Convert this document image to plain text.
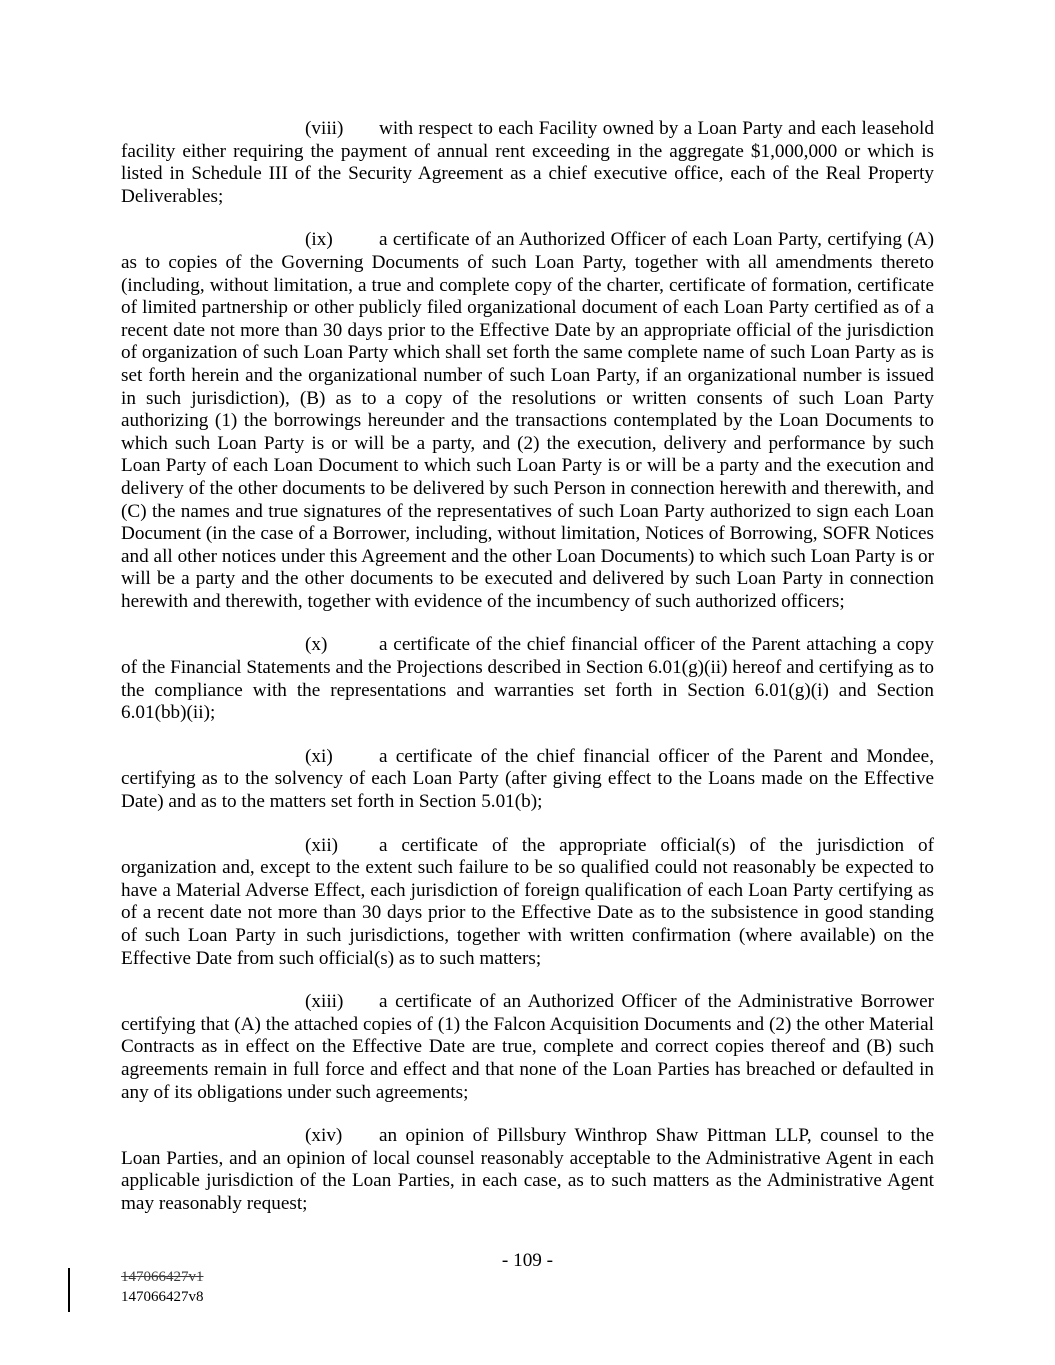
(viii) with respect to each Facility owned by a Loan Party and each leasehold facility either requiring the payment of annual rent exceeding in the aggregate $1,000,000 or which is listed in Schedule III of the Security Agreement as a chief executive office, each of the Real Property Deliverables;

(ix) a certificate of an Authorized Officer of each Loan Party, certifying (A) as to copies of the Governing Documents of such Loan Party, together with all amendments thereto (including, without limitation, a true and complete copy of the charter, certificate of formation, certificate of limited partnership or other publicly filed organizational document of each Loan Party certified as of a recent date not more than 30 days prior to the Effective Date by an appropriate official of the jurisdiction of organization of such Loan Party which shall set forth the same complete name of such Loan Party as is set forth herein and the organizational number of such Loan Party, if an organizational number is issued in such jurisdiction), (B) as to a copy of the resolutions or written consents of such Loan Party authorizing (1) the borrowings hereunder and the transactions contemplated by the Loan Documents to which such Loan Party is or will be a party, and (2) the execution, delivery and performance by such Loan Party of each Loan Document to which such Loan Party is or will be a party and the execution and delivery of the other documents to be delivered by such Person in connection herewith and therewith, and (C) the names and true signatures of the representatives of such Loan Party authorized to sign each Loan Document (in the case of a Borrower, including, without limitation, Notices of Borrowing, SOFR Notices and all other notices under this Agreement and the other Loan Documents) to which such Loan Party is or will be a party and the other documents to be executed and delivered by such Loan Party in connection herewith and therewith, together with evidence of the incumbency of such authorized officers;

(x)	a certificate of the chief financial officer of the Parent attaching a copy of the Financial Statements and the Projections described in Section 6.01(g)(ii) hereof and certifying as to the compliance with the representations and warranties set forth in Section 6.01(g)(i) and Section 6.01(bb)(ii);

(xi) a certificate of the chief financial officer of the Parent and Mondee, certifying as to the solvency of each Loan Party (after giving effect to the Loans made on the Effective Date) and as to the matters set forth in Section 5.01(b);

(xii) a certificate of the appropriate official(s) of the jurisdiction of organization and, except to the extent such failure to be so qualified could not reasonably be expected to have a Material Adverse Effect, each jurisdiction of foreign qualification of each Loan Party certifying as of a recent date not more than 30 days prior to the Effective Date as to the subsistence in good standing of such Loan Party in such jurisdictions, together with written confirmation (where available) on the Effective Date from such official(s) as to such matters;

(xiii) a certificate of an Authorized Officer of the Administrative Borrower certifying that (A) the attached copies of (1) the Falcon Acquisition Documents and (2) the other Material Contracts as in effect on the Effective Date are true, complete and correct copies thereof and (B) such agreements remain in full force and effect and that none of the Loan Parties has breached or defaulted in any of its obligations under such agreements;

(xiv) an opinion of Pillsbury Winthrop Shaw Pittman LLP, counsel to the Loan Parties, and an opinion of local counsel reasonably acceptable to the Administrative Agent in each applicable jurisdiction of the Loan Parties, in each case, as to such matters as the Administrative Agent may reasonably request;

- 109 -
147066427v1
147066427v8
